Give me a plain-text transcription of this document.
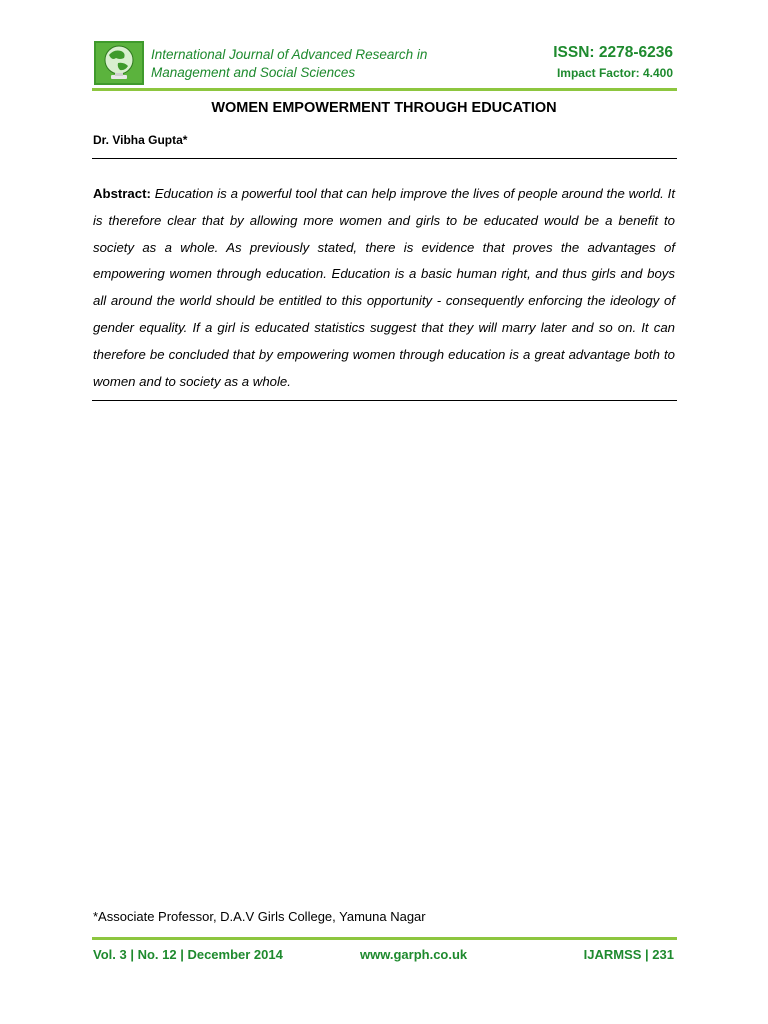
International Journal of Advanced Research in
Management and Social Sciences
ISSN: 2278-6236
Impact Factor: 4.400
WOMEN EMPOWERMENT THROUGH EDUCATION
Dr. Vibha Gupta*
Abstract: Education is a powerful tool that can help improve the lives of people around the world. It is therefore clear that by allowing more women and girls to be educated would be a benefit to society as a whole. As previously stated, there is evidence that proves the advantages of empowering women through education. Education is a basic human right, and thus girls and boys all around the world should be entitled to this opportunity - consequently enforcing the ideology of gender equality. If a girl is educated statistics suggest that they will marry later and so on. It can therefore be concluded that by empowering women through education is a great advantage both to women and to society as a whole.
*Associate Professor, D.A.V Girls College, Yamuna Nagar
Vol. 3 | No. 12 | December 2014	www.garph.co.uk	IJARMSS | 231
